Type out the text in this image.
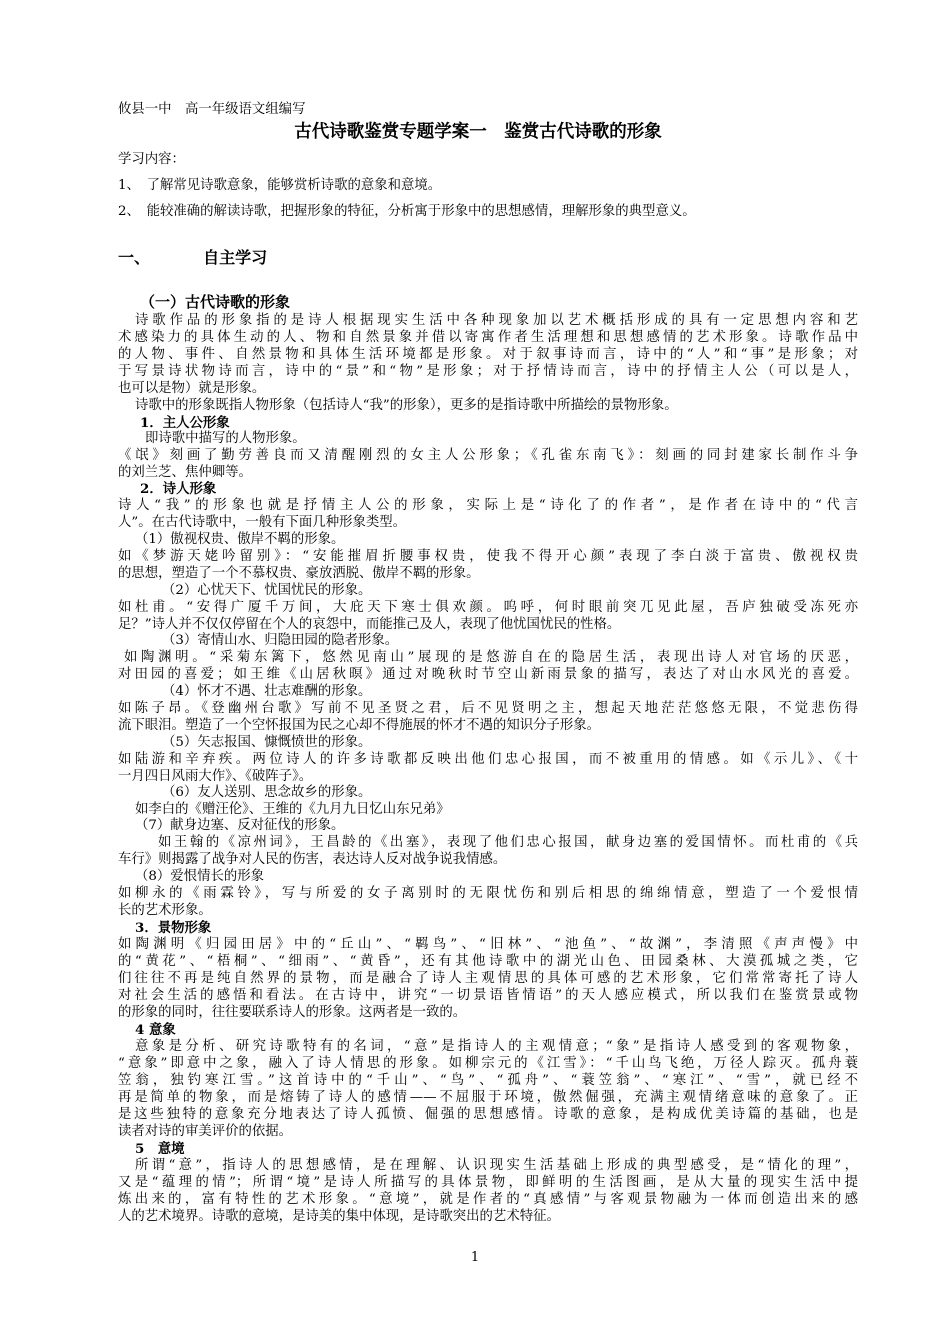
攸县一中　高一年级语文组编写
古代诗歌鉴赏专题学案一　鉴赏古代诗歌的形象
学习内容：
1、　了解常见诗歌意象，能够赏析诗歌的意象和意境。
2、　能较准确的解读诗歌，把握形象的特征，分析寓于形象中的思想感情，理解形象的典型意义。
一、	自主学习
（一）古代诗歌的形象
诗歌作品的形象指的是诗人根据现实生活中各种现象加以艺术概括形成的具有一定思想内容和艺
术感染力的具体生动的人、物和自然景象并借以寄寓作者生活理想和思想感情的艺术形象。诗歌作品中
的人物、事件、自然景物和具体生活环境都是形象。对于叙事诗而言，诗中的“人”和“事”是形象；对
于写景诗状物诗而言，诗中的“景”和“物”是形象；对于抒情诗而言，诗中的抒情主人公（可以是人，
也可以是物）就是形象。
诗歌中的形象既指人物形象（包括诗人“我”的形象），更多的是指诗歌中所描绘的景物形象。
1．主人公形象
即诗歌中描写的人物形象。
《氓》刻画了勤劳善良而又清醒刚烈的女主人公形象；《孔雀东南飞》：刻画的同封建家长制作斗争
的刘兰芝、焦仲卿等。
2．诗人形象
诗人“我”的形象也就是抒情主人公的形象，实际上是“诗化了的作者”，是作者在诗中的“代言
人”。在古代诗歌中，一般有下面几种形象类型。
（1）傲视权贵、傲岸不羁的形象。
如《梦游天姥吟留别》：“安能摧眉折腰事权贵，使我不得开心颜”表现了李白淡于富贵、傲视权贵
的思想，塑造了一个不慕权贵、豪放洒脱、傲岸不羁的形象。
（2）心忧天下、忧国忧民的形象。
如杜甫。“安得广厦千万间，大庇天下寒士俱欢颜。呜呼，何时眼前突兀见此屋，吾庐独破受冻死亦
足？”诗人并不仅仅停留在个人的哀怨中，而能推己及人，表现了他忧国忧民的性格。
（3）寄情山水、归隐田园的隐者形象。
如陶渊明。“采菊东篱下，悠然见南山”展现的是悠游自在的隐居生活，表现出诗人对官场的厌恶，
对田园的喜爱；如王维《山居秋暝》通过对晚秋时节空山新雨景象的描写，表达了对山水风光的喜爱。
（4）怀才不遇、壮志难酬的形象。
如陈子昂。《登幽州台歌》写前不见圣贤之君，后不见贤明之主，想起天地茫茫悠悠无限，不觉悲伤得
流下眼泪。塑造了一个空怀报国为民之心却不得施展的怀才不遇的知识分子形象。
（5）矢志报国、慷慨愤世的形象。
如陆游和辛弃疾。两位诗人的许多诗歌都反映出他们忠心报国，而不被重用的情感。如《示儿》、《十
一月四日风雨大作》、《破阵子》。
（6）友人送别、思念故乡的形象。
如李白的《赠汪伦》、王维的《九月九日忆山东兄弟》
（7）献身边塞、反对征伐的形象。
如王翰的《凉州词》，王昌龄的《出塞》，表现了他们忠心报国，献身边塞的爱国情怀。而杜甫的《兵
车行》则揭露了战争对人民的伤害，表达诗人反对战争说我情感。
（8）爱恨情长的形象
如柳永的《雨霖铃》，写与所爱的女子离别时的无限忧伤和别后相思的绵绵情意，塑造了一个爱恨情
长的艺术形象。
3．景物形象
如陶渊明《归园田居》中的“丘山”、“羁鸟”、“旧林”、“池鱼”、“故渊”，李清照《声声慢》中
的“黄花”、“梧桐”、“细雨”、“黄昏”，还有其他诗歌中的湖光山色、田园桑林、大漠孤城之类，它
们往往不再是纯自然界的景物，而是融合了诗人主观情思的具体可感的艺术形象，它们常常寄托了诗人
对社会生活的感悟和看法。在古诗中，讲究“一切景语皆情语”的天人感应模式，所以我们在鉴赏景或物
的形象的同时，往往要联系诗人的形象。这两者是一致的。
4 意象
意象是分析、研究诗歌特有的名词，“意”是指诗人的主观情意；“象”是指诗人感受到的客观物象，
“意象”即意中之象，融入了诗人情思的形象。如柳宗元的《江雪》：“千山鸟飞绝，万径人踪灭。孤舟蓑
笠翁，独钓寒江雪。”这首诗中的“千山”、“鸟”、“孤舟”、“蓑笠翁”、“寒江”、“雪”，就已经不
再是简单的物象，而是熔铸了诗人的感情——不屈服于环境，傲然倔强，充满主观情绪意味的意象了。正
是这些独特的意象充分地表达了诗人孤愤、倔强的思想感情。诗歌的意象，是构成优美诗篇的基础，也是
读者对诗的审美评价的依据。
5　意境
所谓“意”，指诗人的思想感情，是在理解、认识现实生活基础上形成的典型感受，是“情化的理”，
又是“蕴理的情”；所谓“境”是诗人所描写的具体景物，即鲜明的生活图画，是从大量的现实生活中提
炼出来的，富有特性的艺术形象。“意境”，就是作者的“真感情”与客观景物融为一体而创造出来的感
人的艺术境界。诗歌的意境，是诗美的集中体现，是诗歌突出的艺术特征。
1
